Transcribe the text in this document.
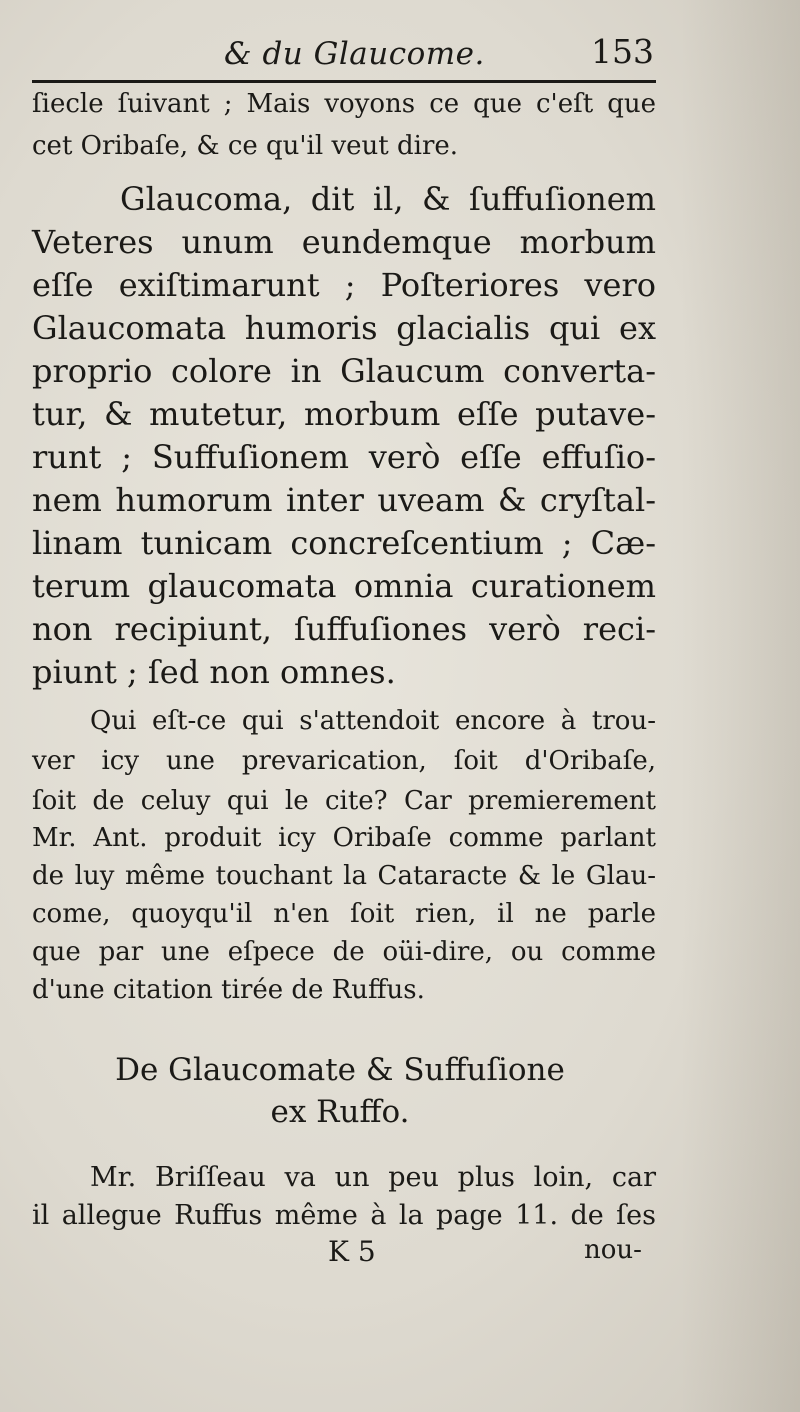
& du Glaucome.	153
ſiecle ſuivant ; Mais voyons ce que c'eſt que
cet Oribaſe, & ce qu'il veut dire.
Glaucoma, dit il, & ſuffuſionem
Veteres unum eundemque morbum
eſſe exiſtimarunt ; Poſteriores vero
Glaucomata humoris glacialis qui ex
proprio colore in Glaucum converta-
tur, & mutetur, morbum eſſe putave-
runt ; Suffuſionem verò eſſe effuſio-
nem humorum inter uveam & cryſtal-
linam tunicam concreſcentium ; Cæ-
terum glaucomata omnia curationem
non recipiunt, ſuffuſiones verò reci-
piunt ; ſed non omnes.
Qui eſt-ce qui s'attendoit encore à trou-
ver icy une prevarication, ſoit d'Oribaſe,
ſoit de celuy qui le cite? Car premierement
Mr. Ant. produit icy Oribaſe comme parlant
de luy même touchant la Cataracte & le Glau-
come, quoyqu'il n'en ſoit rien, il ne parle
que par une eſpece de oüi-dire, ou comme
d'une citation tirée de Ruffus.
De Glaucomate & Suffuſione
ex Ruffo.
Mr. Briſſeau va un peu plus loin, car
il allegue Ruffus même à la page 11. de ſes
K 5	nou-
